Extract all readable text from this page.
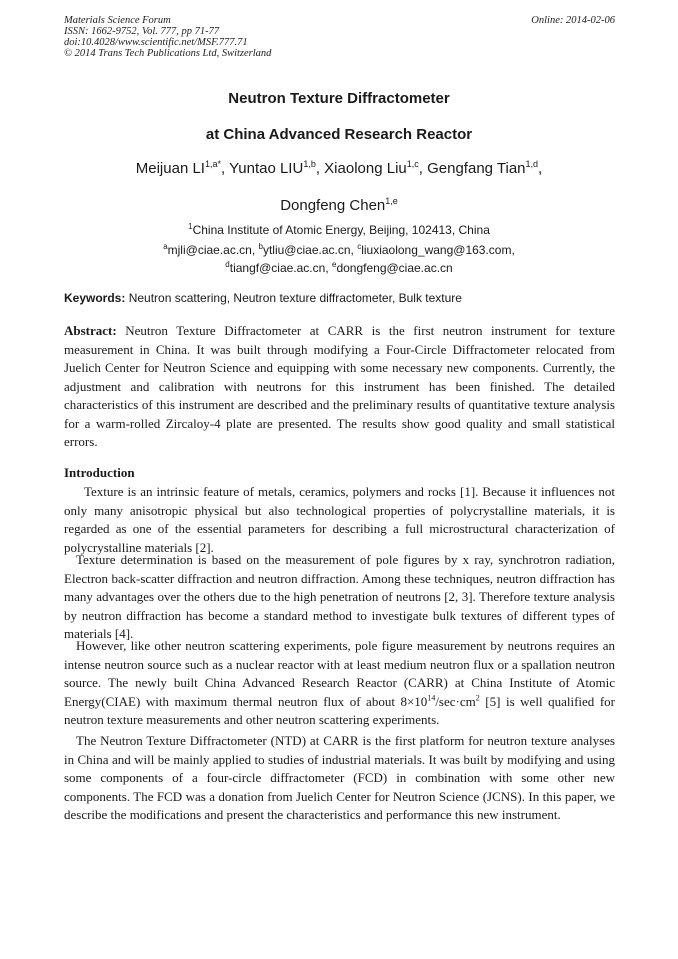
Materials Science Forum
ISSN: 1662-9752, Vol. 777, pp 71-77
doi:10.4028/www.scientific.net/MSF.777.71
© 2014 Trans Tech Publications Ltd, Switzerland
Online: 2014-02-06
Neutron Texture Diffractometer
at China Advanced Research Reactor
Meijuan $LI^{1,a*}$, Yuntao LIU$^{1,b}$, Xiaolong Liu$^{1,c}$, Gengfang Tian$^{1,d}$,
Dongfeng Chen$^{1,e}$
$^1$China Institute of Atomic Energy, Beijing, 102413, China
$^a$mjli@ciae.ac.cn, $^b$ytliu@ciae.ac.cn, $^c$liuxiaolong_wang@163.com,
$^d$tiangf@ciae.ac.cn, $^e$dongfeng@ciae.ac.cn
Keywords: Neutron scattering, Neutron texture diffractometer, Bulk texture
Abstract: Neutron Texture Diffractometer at CARR is the first neutron instrument for texture measurement in China. It was built through modifying a Four-Circle Diffractometer relocated from Juelich Center for Neutron Science and equipping with some necessary new components. Currently, the adjustment and calibration with neutrons for this instrument has been finished. The detailed characteristics of this instrument are described and the preliminary results of quantitative texture analysis for a warm-rolled Zircaloy-4 plate are presented. The results show good quality and small statistical errors.
Introduction
Texture is an intrinsic feature of metals, ceramics, polymers and rocks [1]. Because it influences not only many anisotropic physical but also technological properties of polycrystalline materials, it is regarded as one of the essential parameters for describing a full microstructural characterization of polycrystalline materials [2].
Texture determination is based on the measurement of pole figures by x ray, synchrotron radiation, Electron back-scatter diffraction and neutron diffraction. Among these techniques, neutron diffraction has many advantages over the others due to the high penetration of neutrons [2, 3]. Therefore texture analysis by neutron diffraction has become a standard method to investigate bulk textures of different types of materials [4].
However, like other neutron scattering experiments, pole figure measurement by neutrons requires an intense neutron source such as a nuclear reactor with at least medium neutron flux or a spallation neutron source. The newly built China Advanced Research Reactor (CARR) at China Institute of Atomic Energy(CIAE) with maximum thermal neutron flux of about $8\times 10^{14}/\sec\cdot cm^2$ [5] is well qualified for neutron texture measurements and other neutron scattering experiments.
The Neutron Texture Diffractometer (NTD) at CARR is the first platform for neutron texture analyses in China and will be mainly applied to studies of industrial materials. It was built by modifying and using some components of a four-circle diffractometer (FCD) in combination with some other new components. The FCD was a donation from Juelich Center for Neutron Science (JCNS). In this paper, we describe the modifications and present the characteristics and performance this new instrument.
